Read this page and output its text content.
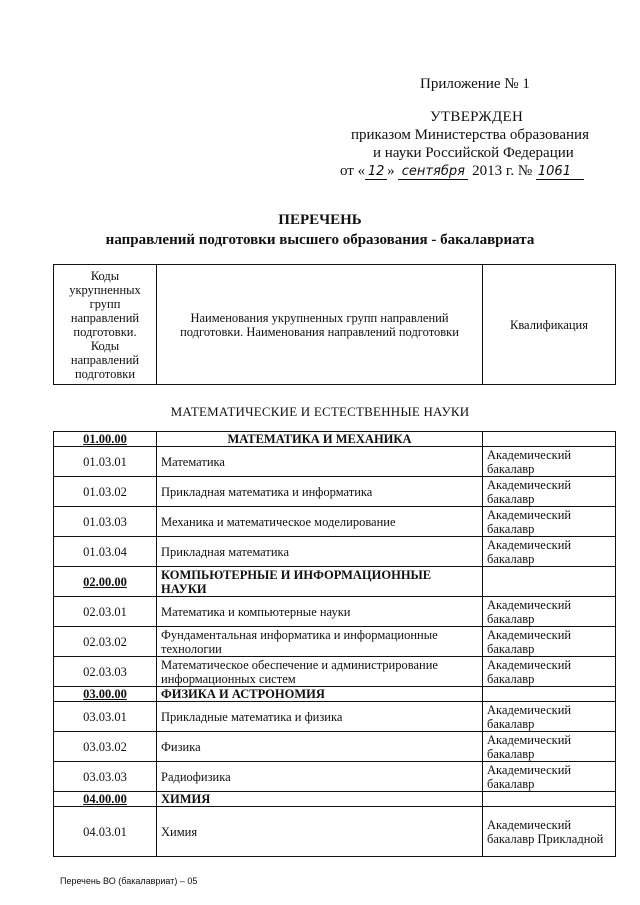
Приложение № 1
УТВЕРЖДЕН
приказом Министерства образования
и науки Российской Федерации
от « 12 » сентября 2013 г. № 1061
ПЕРЕЧЕНЬ
направлений подготовки высшего образования - бакалавриата
Коды укрупненных групп направлений подготовки. Коды направлений подготовки	Наименования укрупненных групп направлений подготовки. Наименования направлений подготовки	Квалификация
МАТЕМАТИЧЕСКИЕ И ЕСТЕСТВЕННЫЕ НАУКИ
01.00.00	МАТЕМАТИКА И МЕХАНИКА	
01.03.01	Математика	Академический бакалавр
01.03.02	Прикладная математика и информатика	Академический бакалавр
01.03.03	Механика и математическое моделирование	Академический бакалавр
01.03.04	Прикладная математика	Академический бакалавр
02.00.00	КОМПЬЮТЕРНЫЕ И ИНФОРМАЦИОННЫЕ НАУКИ	
02.03.01	Математика и компьютерные науки	Академический бакалавр
02.03.02	Фундаментальная информатика и информационные технологии	Академический бакалавр
02.03.03	Математическое обеспечение и администрирование информационных систем	Академический бакалавр
03.00.00	ФИЗИКА И АСТРОНОМИЯ	
03.03.01	Прикладные математика и физика	Академический бакалавр
03.03.02	Физика	Академический бакалавр
03.03.03	Радиофизика	Академический бакалавр
04.00.00	ХИМИЯ	
04.03.01	Химия	Академический бакалавр Прикладной
Перечень ВО (бакалавриат) – 05
